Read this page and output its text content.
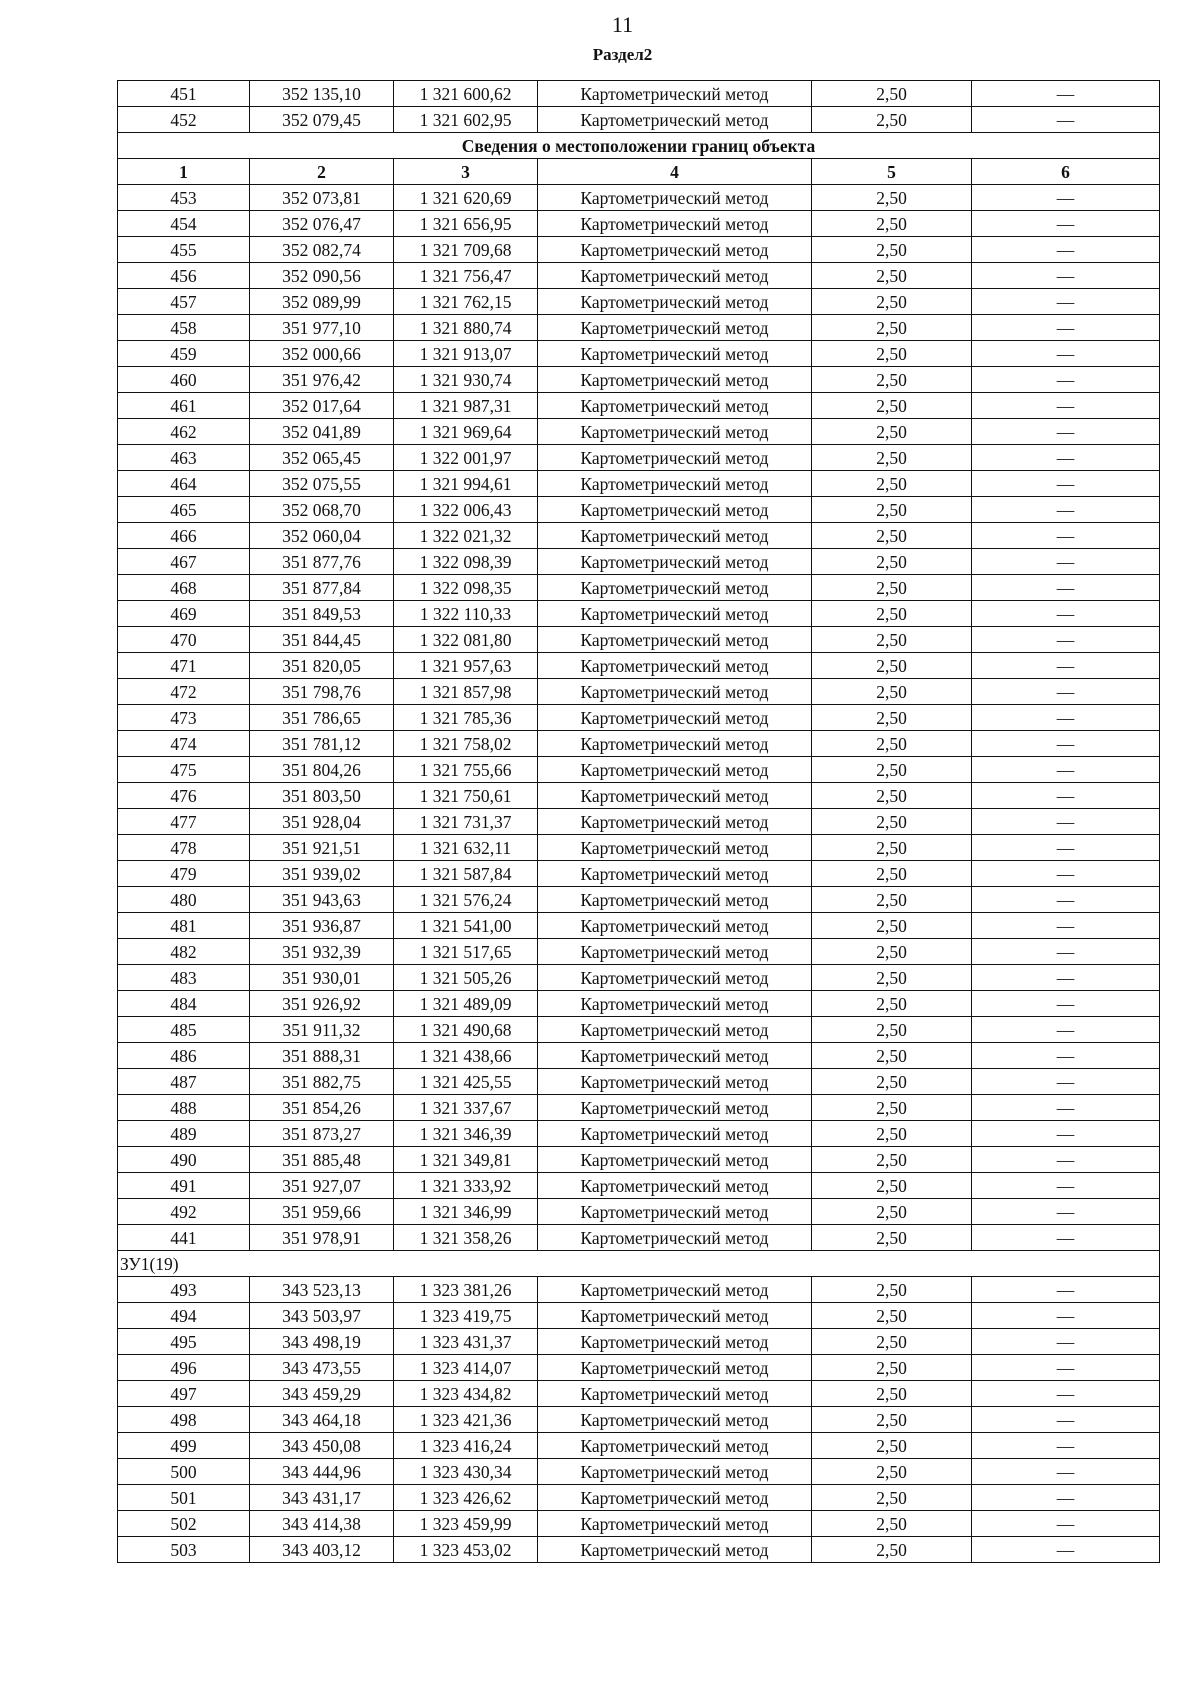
11
Раздел2
451	352 135,10	1 321 600,62	Картометрический метод	2,50	—
452	352 079,45	1 321 602,95	Картометрический метод	2,50	—
Сведения о местоположении границ объекта					
1	2	3	4	5	6
453	352 073,81	1 321 620,69	Картометрический метод	2,50	—
454	352 076,47	1 321 656,95	Картометрический метод	2,50	—
455	352 082,74	1 321 709,68	Картометрический метод	2,50	—
456	352 090,56	1 321 756,47	Картометрический метод	2,50	—
457	352 089,99	1 321 762,15	Картометрический метод	2,50	—
458	351 977,10	1 321 880,74	Картометрический метод	2,50	—
459	352 000,66	1 321 913,07	Картометрический метод	2,50	—
460	351 976,42	1 321 930,74	Картометрический метод	2,50	—
461	352 017,64	1 321 987,31	Картометрический метод	2,50	—
462	352 041,89	1 321 969,64	Картометрический метод	2,50	—
463	352 065,45	1 322 001,97	Картометрический метод	2,50	—
464	352 075,55	1 321 994,61	Картометрический метод	2,50	—
465	352 068,70	1 322 006,43	Картометрический метод	2,50	—
466	352 060,04	1 322 021,32	Картометрический метод	2,50	—
467	351 877,76	1 322 098,39	Картометрический метод	2,50	—
468	351 877,84	1 322 098,35	Картометрический метод	2,50	—
469	351 849,53	1 322 110,33	Картометрический метод	2,50	—
470	351 844,45	1 322 081,80	Картометрический метод	2,50	—
471	351 820,05	1 321 957,63	Картометрический метод	2,50	—
472	351 798,76	1 321 857,98	Картометрический метод	2,50	—
473	351 786,65	1 321 785,36	Картометрический метод	2,50	—
474	351 781,12	1 321 758,02	Картометрический метод	2,50	—
475	351 804,26	1 321 755,66	Картометрический метод	2,50	—
476	351 803,50	1 321 750,61	Картометрический метод	2,50	—
477	351 928,04	1 321 731,37	Картометрический метод	2,50	—
478	351 921,51	1 321 632,11	Картометрический метод	2,50	—
479	351 939,02	1 321 587,84	Картометрический метод	2,50	—
480	351 943,63	1 321 576,24	Картометрический метод	2,50	—
481	351 936,87	1 321 541,00	Картометрический метод	2,50	—
482	351 932,39	1 321 517,65	Картометрический метод	2,50	—
483	351 930,01	1 321 505,26	Картометрический метод	2,50	—
484	351 926,92	1 321 489,09	Картометрический метод	2,50	—
485	351 911,32	1 321 490,68	Картометрический метод	2,50	—
486	351 888,31	1 321 438,66	Картометрический метод	2,50	—
487	351 882,75	1 321 425,55	Картометрический метод	2,50	—
488	351 854,26	1 321 337,67	Картометрический метод	2,50	—
489	351 873,27	1 321 346,39	Картометрический метод	2,50	—
490	351 885,48	1 321 349,81	Картометрический метод	2,50	—
491	351 927,07	1 321 333,92	Картометрический метод	2,50	—
492	351 959,66	1 321 346,99	Картометрический метод	2,50	—
441	351 978,91	1 321 358,26	Картометрический метод	2,50	—
ЗУ1(19)					
493	343 523,13	1 323 381,26	Картометрический метод	2,50	—
494	343 503,97	1 323 419,75	Картометрический метод	2,50	—
495	343 498,19	1 323 431,37	Картометрический метод	2,50	—
496	343 473,55	1 323 414,07	Картометрический метод	2,50	—
497	343 459,29	1 323 434,82	Картометрический метод	2,50	—
498	343 464,18	1 323 421,36	Картометрический метод	2,50	—
499	343 450,08	1 323 416,24	Картометрический метод	2,50	—
500	343 444,96	1 323 430,34	Картометрический метод	2,50	—
501	343 431,17	1 323 426,62	Картометрический метод	2,50	—
502	343 414,38	1 323 459,99	Картометрический метод	2,50	—
503	343 403,12	1 323 453,02	Картометрический метод	2,50	—
